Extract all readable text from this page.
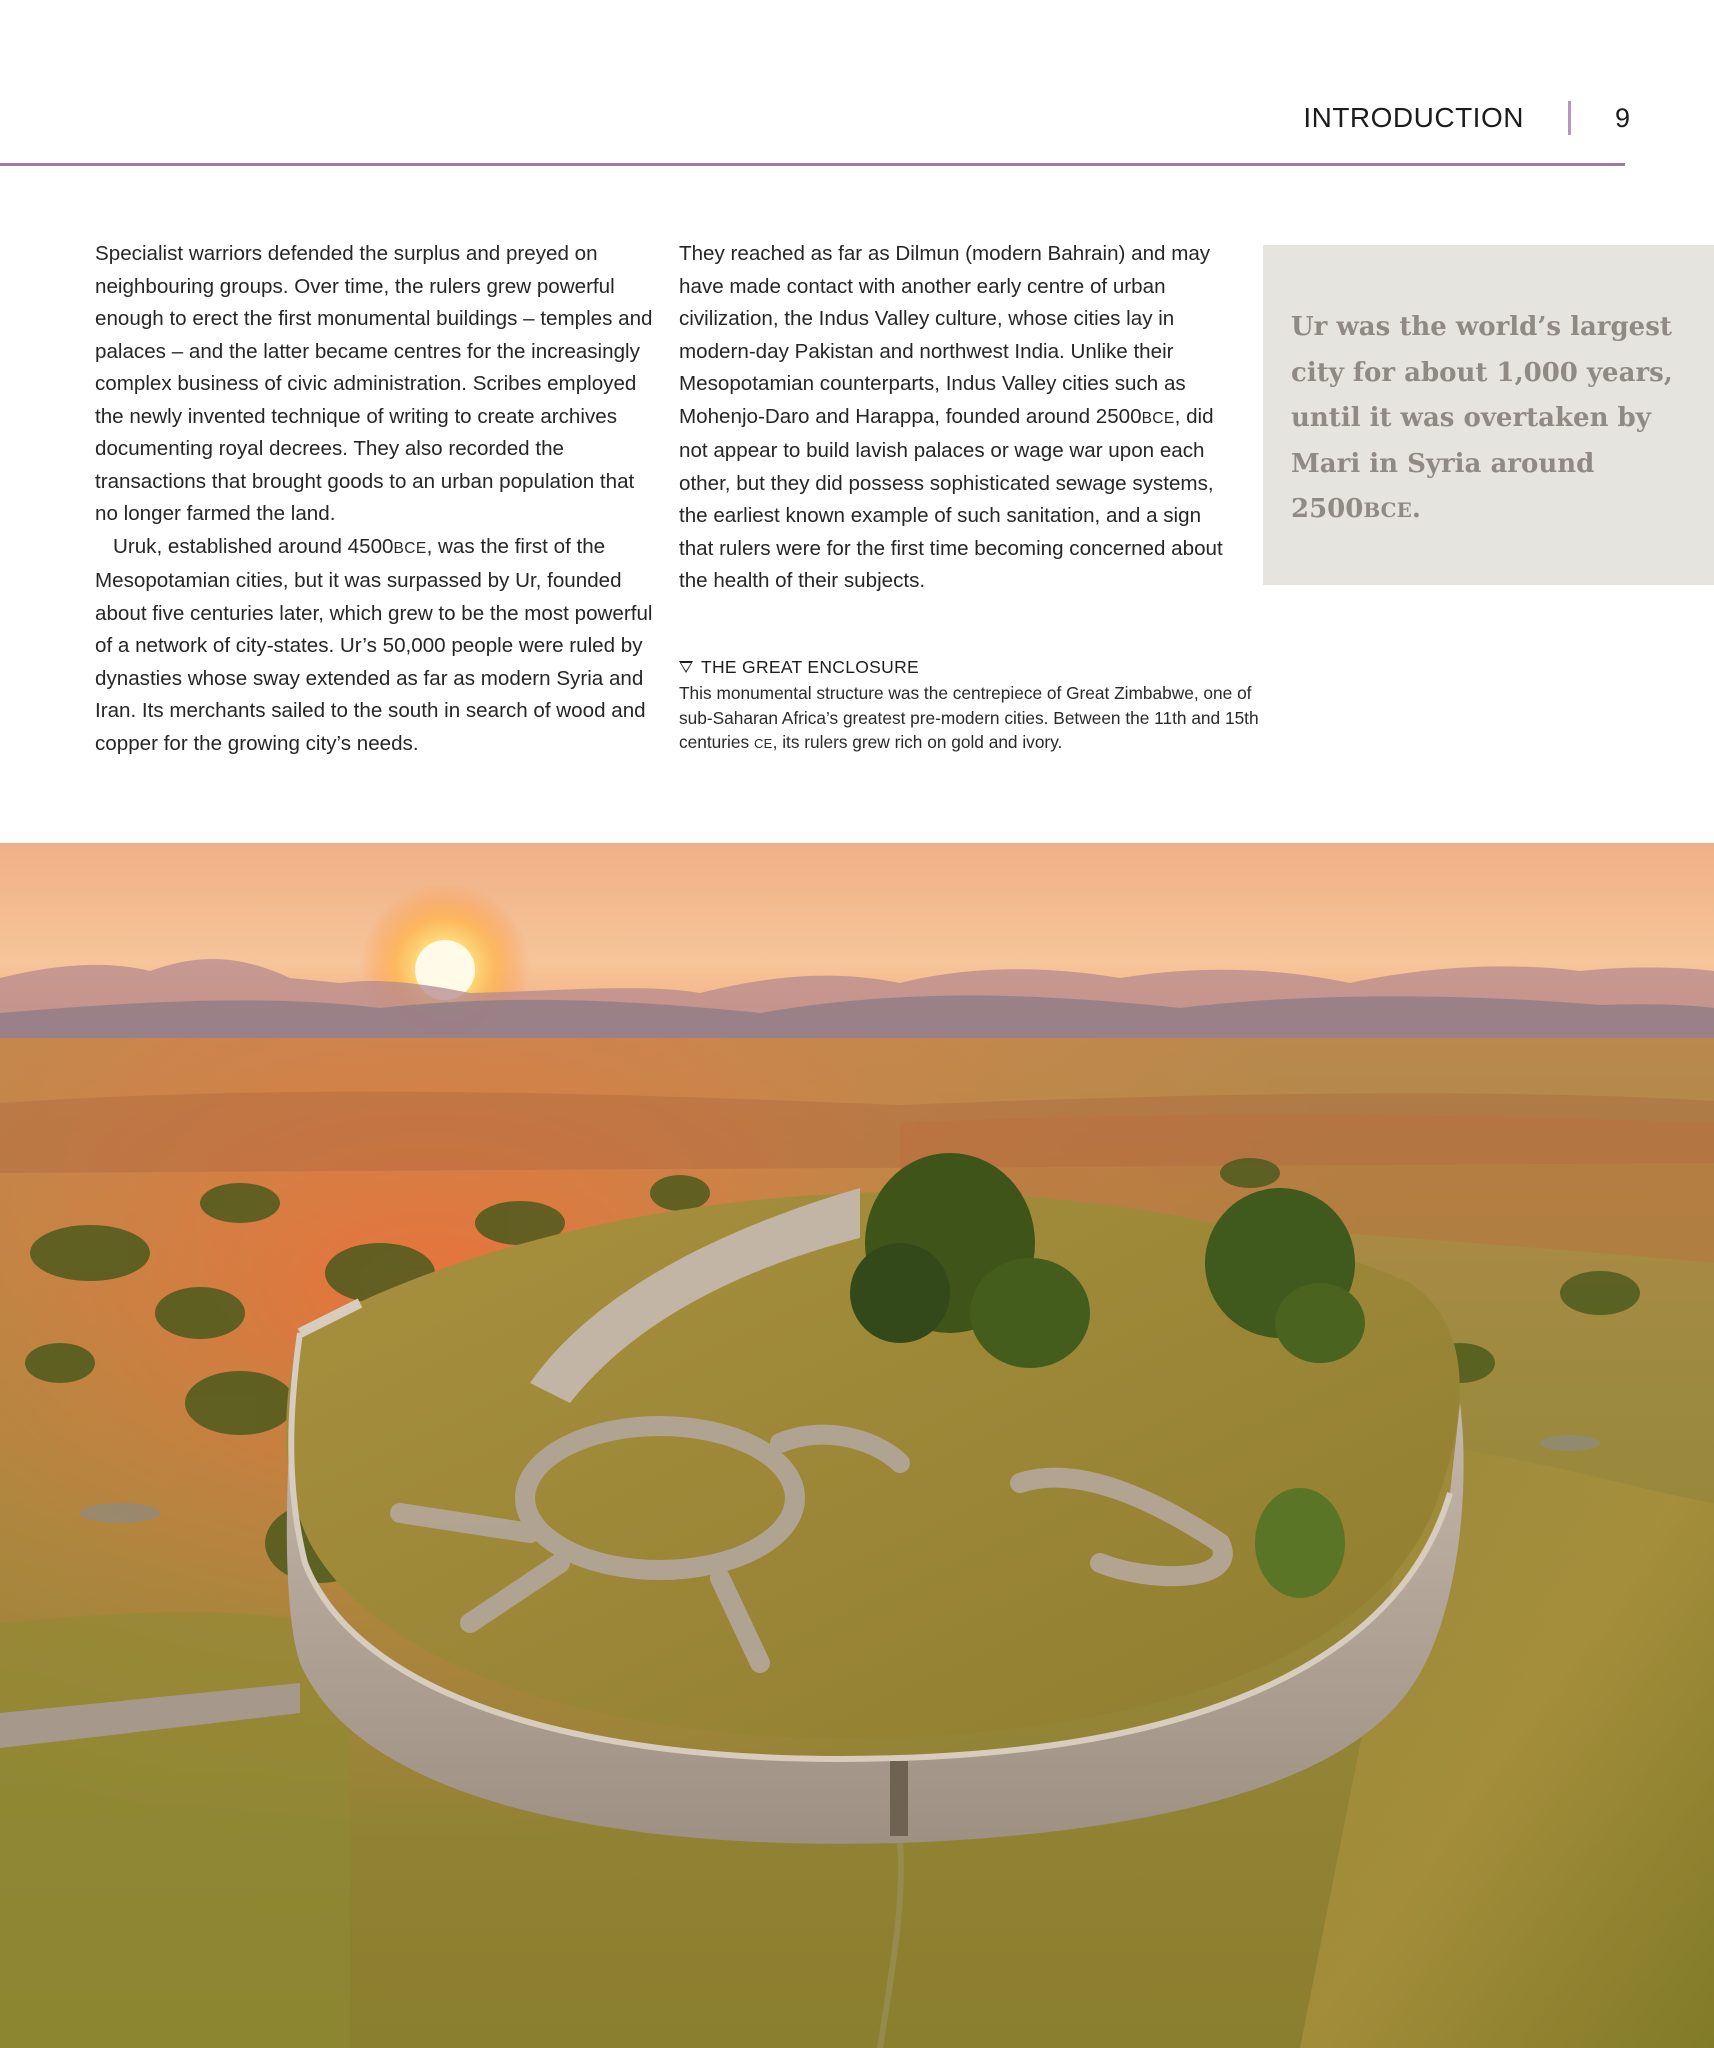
INTRODUCTION	9

Specialist warriors defended the surplus and preyed on neighbouring groups. Over time, the rulers grew powerful enough to erect the first monumental buildings – temples and palaces – and the latter became centres for the increasingly complex business of civic administration. Scribes employed the newly invented technique of writing to create archives documenting royal decrees. They also recorded the transactions that brought goods to an urban population that no longer farmed the land.

Uruk, established around 4500BCE, was the first of the Mesopotamian cities, but it was surpassed by Ur, founded about five centuries later, which grew to be the most powerful of a network of city-states. Ur’s 50,000 people were ruled by dynasties whose sway extended as far as modern Syria and Iran. Its merchants sailed to the south in search of wood and copper for the growing city’s needs.

They reached as far as Dilmun (modern Bahrain) and may have made contact with another early centre of urban civilization, the Indus Valley culture, whose cities lay in modern-day Pakistan and northwest India. Unlike their Mesopotamian counterparts, Indus Valley cities such as Mohenjo-Daro and Harappa, founded around 2500BCE, did not appear to build lavish palaces or wage war upon each other, but they did possess sophisticated sewage systems, the earliest known example of such sanitation, and a sign that rulers were for the first time becoming concerned about the health of their subjects.

Ur was the world’s largest city for about 1,000 years, until it was overtaken by Mari in Syria around 2500BCE.

THE GREAT ENCLOSURE

This monumental structure was the centrepiece of Great Zimbabwe, one of sub-Saharan Africa’s greatest pre-modern cities. Between the 11th and 15th centuries CE, its rulers grew rich on gold and ivory.
